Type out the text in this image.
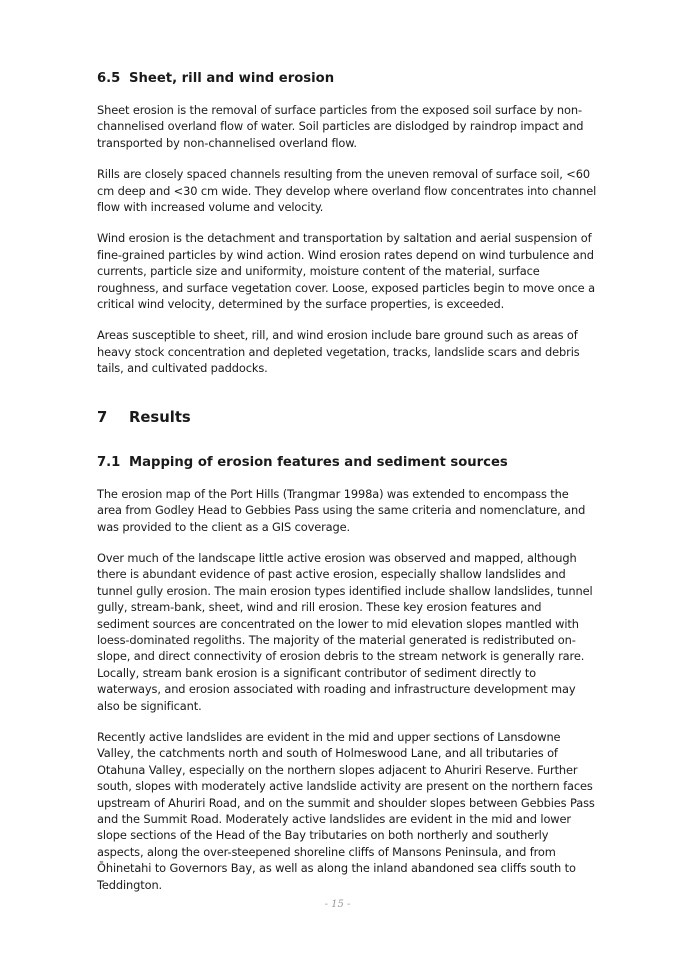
6.5 Sheet, rill and wind erosion

Sheet erosion is the removal of surface particles from the exposed soil surface by non-channelised overland flow of water. Soil particles are dislodged by raindrop impact and transported by non-channelised overland flow.

Rills are closely spaced channels resulting from the uneven removal of surface soil, <60 cm deep and <30 cm wide. They develop where overland flow concentrates into channel flow with increased volume and velocity.

Wind erosion is the detachment and transportation by saltation and aerial suspension of fine-grained particles by wind action. Wind erosion rates depend on wind turbulence and currents, particle size and uniformity, moisture content of the material, surface roughness, and surface vegetation cover. Loose, exposed particles begin to move once a critical wind velocity, determined by the surface properties, is exceeded.

Areas susceptible to sheet, rill, and wind erosion include bare ground such as areas of heavy stock concentration and depleted vegetation, tracks, landslide scars and debris tails, and cultivated paddocks.

7	Results
7.1 Mapping of erosion features and sediment sources

The erosion map of the Port Hills (Trangmar 1998a) was extended to encompass the area from Godley Head to Gebbies Pass using the same criteria and nomenclature, and was provided to the client as a GIS coverage.

Over much of the landscape little active erosion was observed and mapped, although there is abundant evidence of past active erosion, especially shallow landslides and tunnel gully erosion. The main erosion types identified include shallow landslides, tunnel gully, stream-bank, sheet, wind and rill erosion. These key erosion features and sediment sources are concentrated on the lower to mid elevation slopes mantled with loess-dominated regoliths. The majority of the material generated is redistributed on-slope, and direct connectivity of erosion debris to the stream network is generally rare. Locally, stream bank erosion is a significant contributor of sediment directly to waterways, and erosion associated with roading and infrastructure development may also be significant.

Recently active landslides are evident in the mid and upper sections of Lansdowne Valley, the catchments north and south of Holmeswood Lane, and all tributaries of Otahuna Valley, especially on the northern slopes adjacent to Ahuriri Reserve. Further south, slopes with moderately active landslide activity are present on the northern faces upstream of Ahuriri Road, and on the summit and shoulder slopes between Gebbies Pass and the Summit Road. Moderately active landslides are evident in the mid and lower slope sections of the Head of the Bay tributaries on both northerly and southerly aspects, along the over-steepened shoreline cliffs of Mansons Peninsula, and from Ōhinetahi to Governors Bay, as well as along the inland abandoned sea cliffs south to Teddington.

- 15 -
